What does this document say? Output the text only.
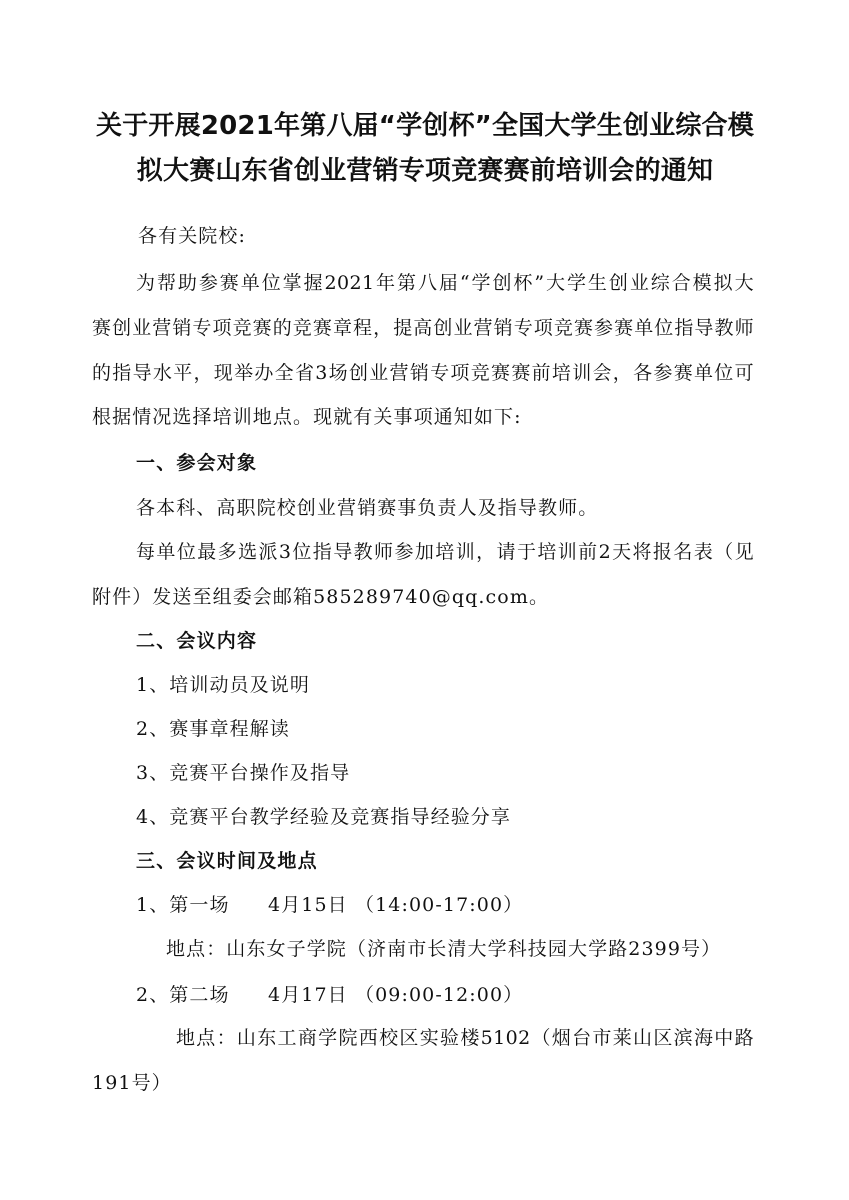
关于开展2021年第八届“学创杯”全国大学生创业综合模
拟大赛山东省创业营销专项竞赛赛前培训会的通知
各有关院校:
为帮助参赛单位掌握2021年第八届“学创杯”大学生创业综合模拟大
赛创业营销专项竞赛的竞赛章程，提高创业营销专项竞赛参赛单位指导教师
的指导水平，现举办全省3场创业营销专项竞赛赛前培训会，各参赛单位可
根据情况选择培训地点。现就有关事项通知如下:
一、参会对象
各本科、高职院校创业营销赛事负责人及指导教师。
每单位最多选派3位指导教师参加培训，请于培训前2天将报名表（见
附件）发送至组委会邮箱585289740@qq.com。
二、会议内容
1、培训动员及说明
2、赛事章程解读
3、竞赛平台操作及指导
4、竞赛平台教学经验及竞赛指导经验分享
三、会议时间及地点
1、第一场 4月15日 （14:00-17:00）
地点：山东女子学院（济南市长清大学科技园大学路2399号）
2、第二场 4月17日 （09:00-12:00）
地点：山东工商学院西校区实验楼5102（烟台市莱山区滨海中路
191号）
